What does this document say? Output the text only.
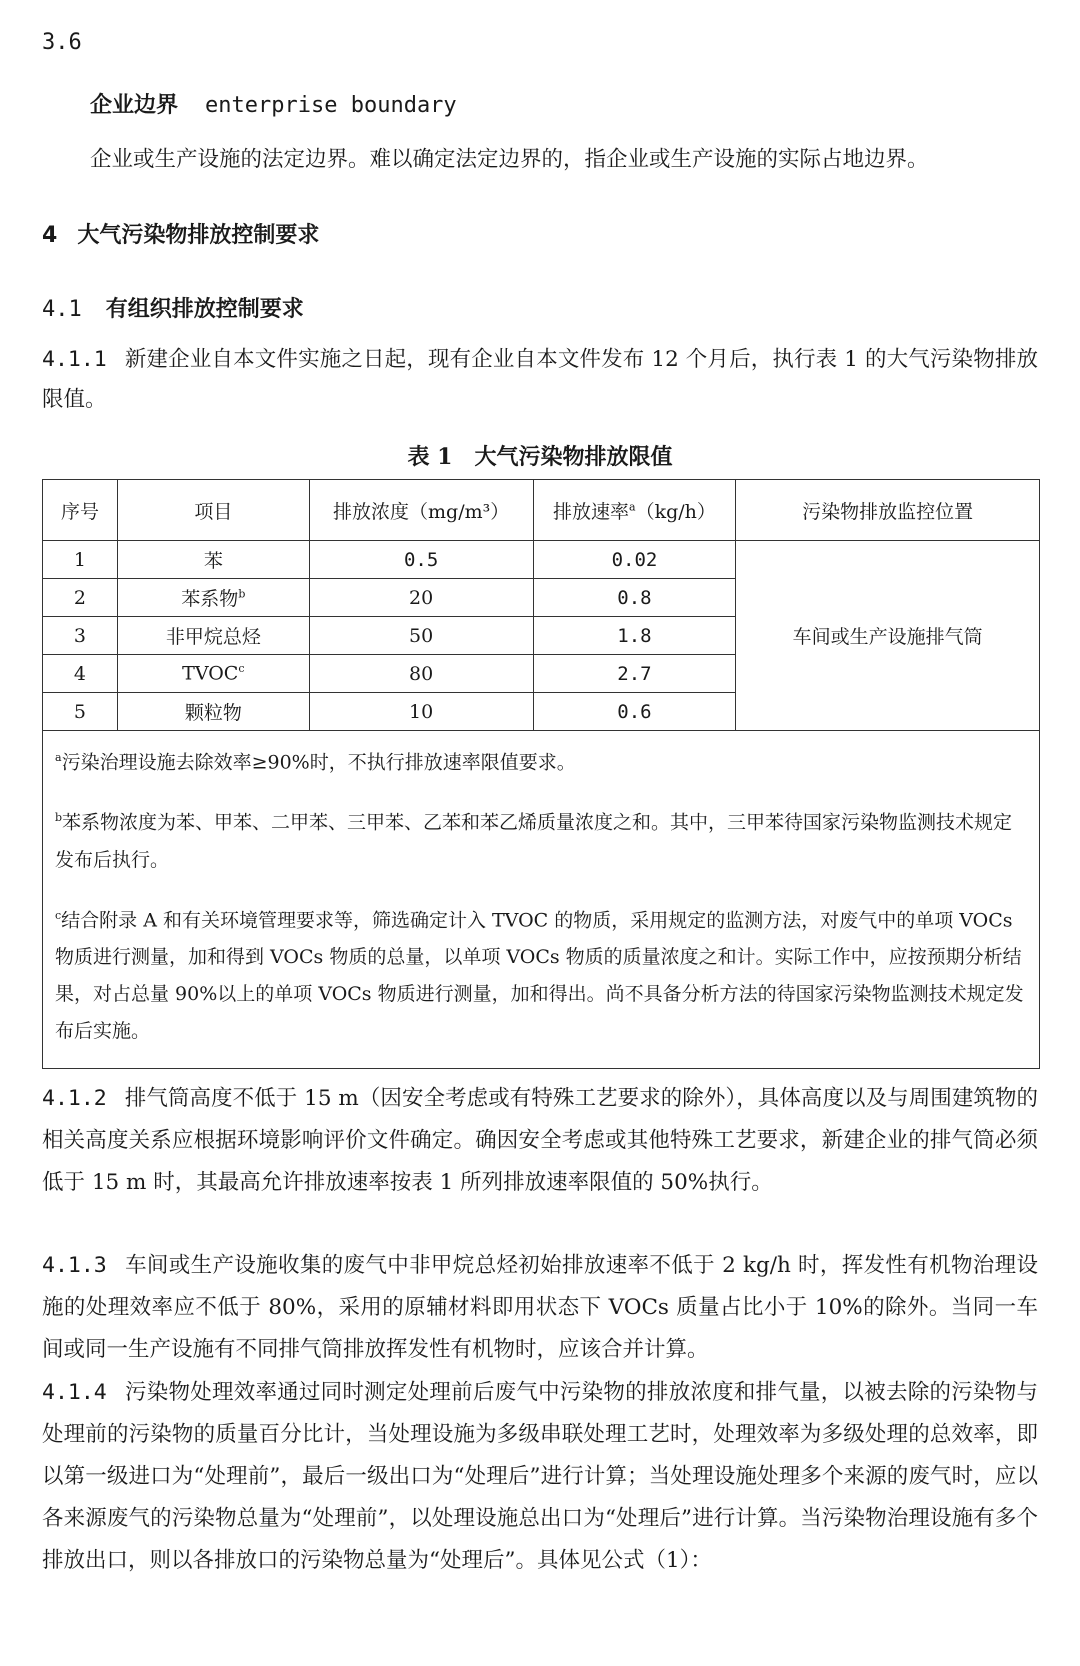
3.6
企业边界 enterprise boundary
企业或生产设施的法定边界。难以确定法定边界的，指企业或生产设施的实际占地边界。
4 大气污染物排放控制要求
4.1 有组织排放控制要求
4.1.1 新建企业自本文件实施之日起，现有企业自本文件发布 12 个月后，执行表 1 的大气污染物排放限值。
表 1 大气污染物排放限值
序号	项目	排放浓度（mg/m³）	排放速率$^a$（kg/h）	污染物排放监控位置
1	苯	0.5	0.02	车间或生产设施排气筒
2	苯系物$^b$	20	0.8	
3	非甲烷总烃	50	1.8	
4	TVOC$^c$	80	2.7	
5	颗粒物	10	0.6	

$^a$污染治理设施去除效率≥90%时，不执行排放速率限值要求。

$^b$苯系物浓度为苯、甲苯、二甲苯、三甲苯、乙苯和苯乙烯质量浓度之和。其中，三甲苯待国家污染物监测技术规定发布后执行。

$^c$结合附录 A 和有关环境管理要求等，筛选确定计入 TVOC 的物质，采用规定的监测方法，对废气中的单项 VOCs 物质进行测量，加和得到 VOCs 物质的总量，以单项 VOCs 物质的质量浓度之和计。实际工作中，应按预期分析结果，对占总量 90%以上的单项 VOCs 物质进行测量，加和得出。尚不具备分析方法的待国家污染物监测技术规定发布后实施。				

4.1.2 排气筒高度不低于 15 m（因安全考虑或有特殊工艺要求的除外），具体高度以及与周围建筑物的相关高度关系应根据环境影响评价文件确定。确因安全考虑或其他特殊工艺要求，新建企业的排气筒必须低于 15 m 时，其最高允许排放速率按表 1 所列排放速率限值的 50%执行。
4.1.3 车间或生产设施收集的废气中非甲烷总烃初始排放速率不低于 2 kg/h 时，挥发性有机物治理设施的处理效率应不低于 80%，采用的原辅材料即用状态下 VOCs 质量占比小于 10%的除外。当同一车间或同一生产设施有不同排气筒排放挥发性有机物时，应该合并计算。
4.1.4 污染物处理效率通过同时测定处理前后废气中污染物的排放浓度和排气量，以被去除的污染物与处理前的污染物的质量百分比计，当处理设施为多级串联处理工艺时，处理效率为多级处理的总效率，即以第一级进口为“处理前”，最后一级出口为“处理后”进行计算；当处理设施处理多个来源的废气时，应以各来源废气的污染物总量为“处理前”，以处理设施总出口为“处理后”进行计算。当污染物治理设施有多个排放出口，则以各排放口的污染物总量为“处理后”。具体见公式（1）：
